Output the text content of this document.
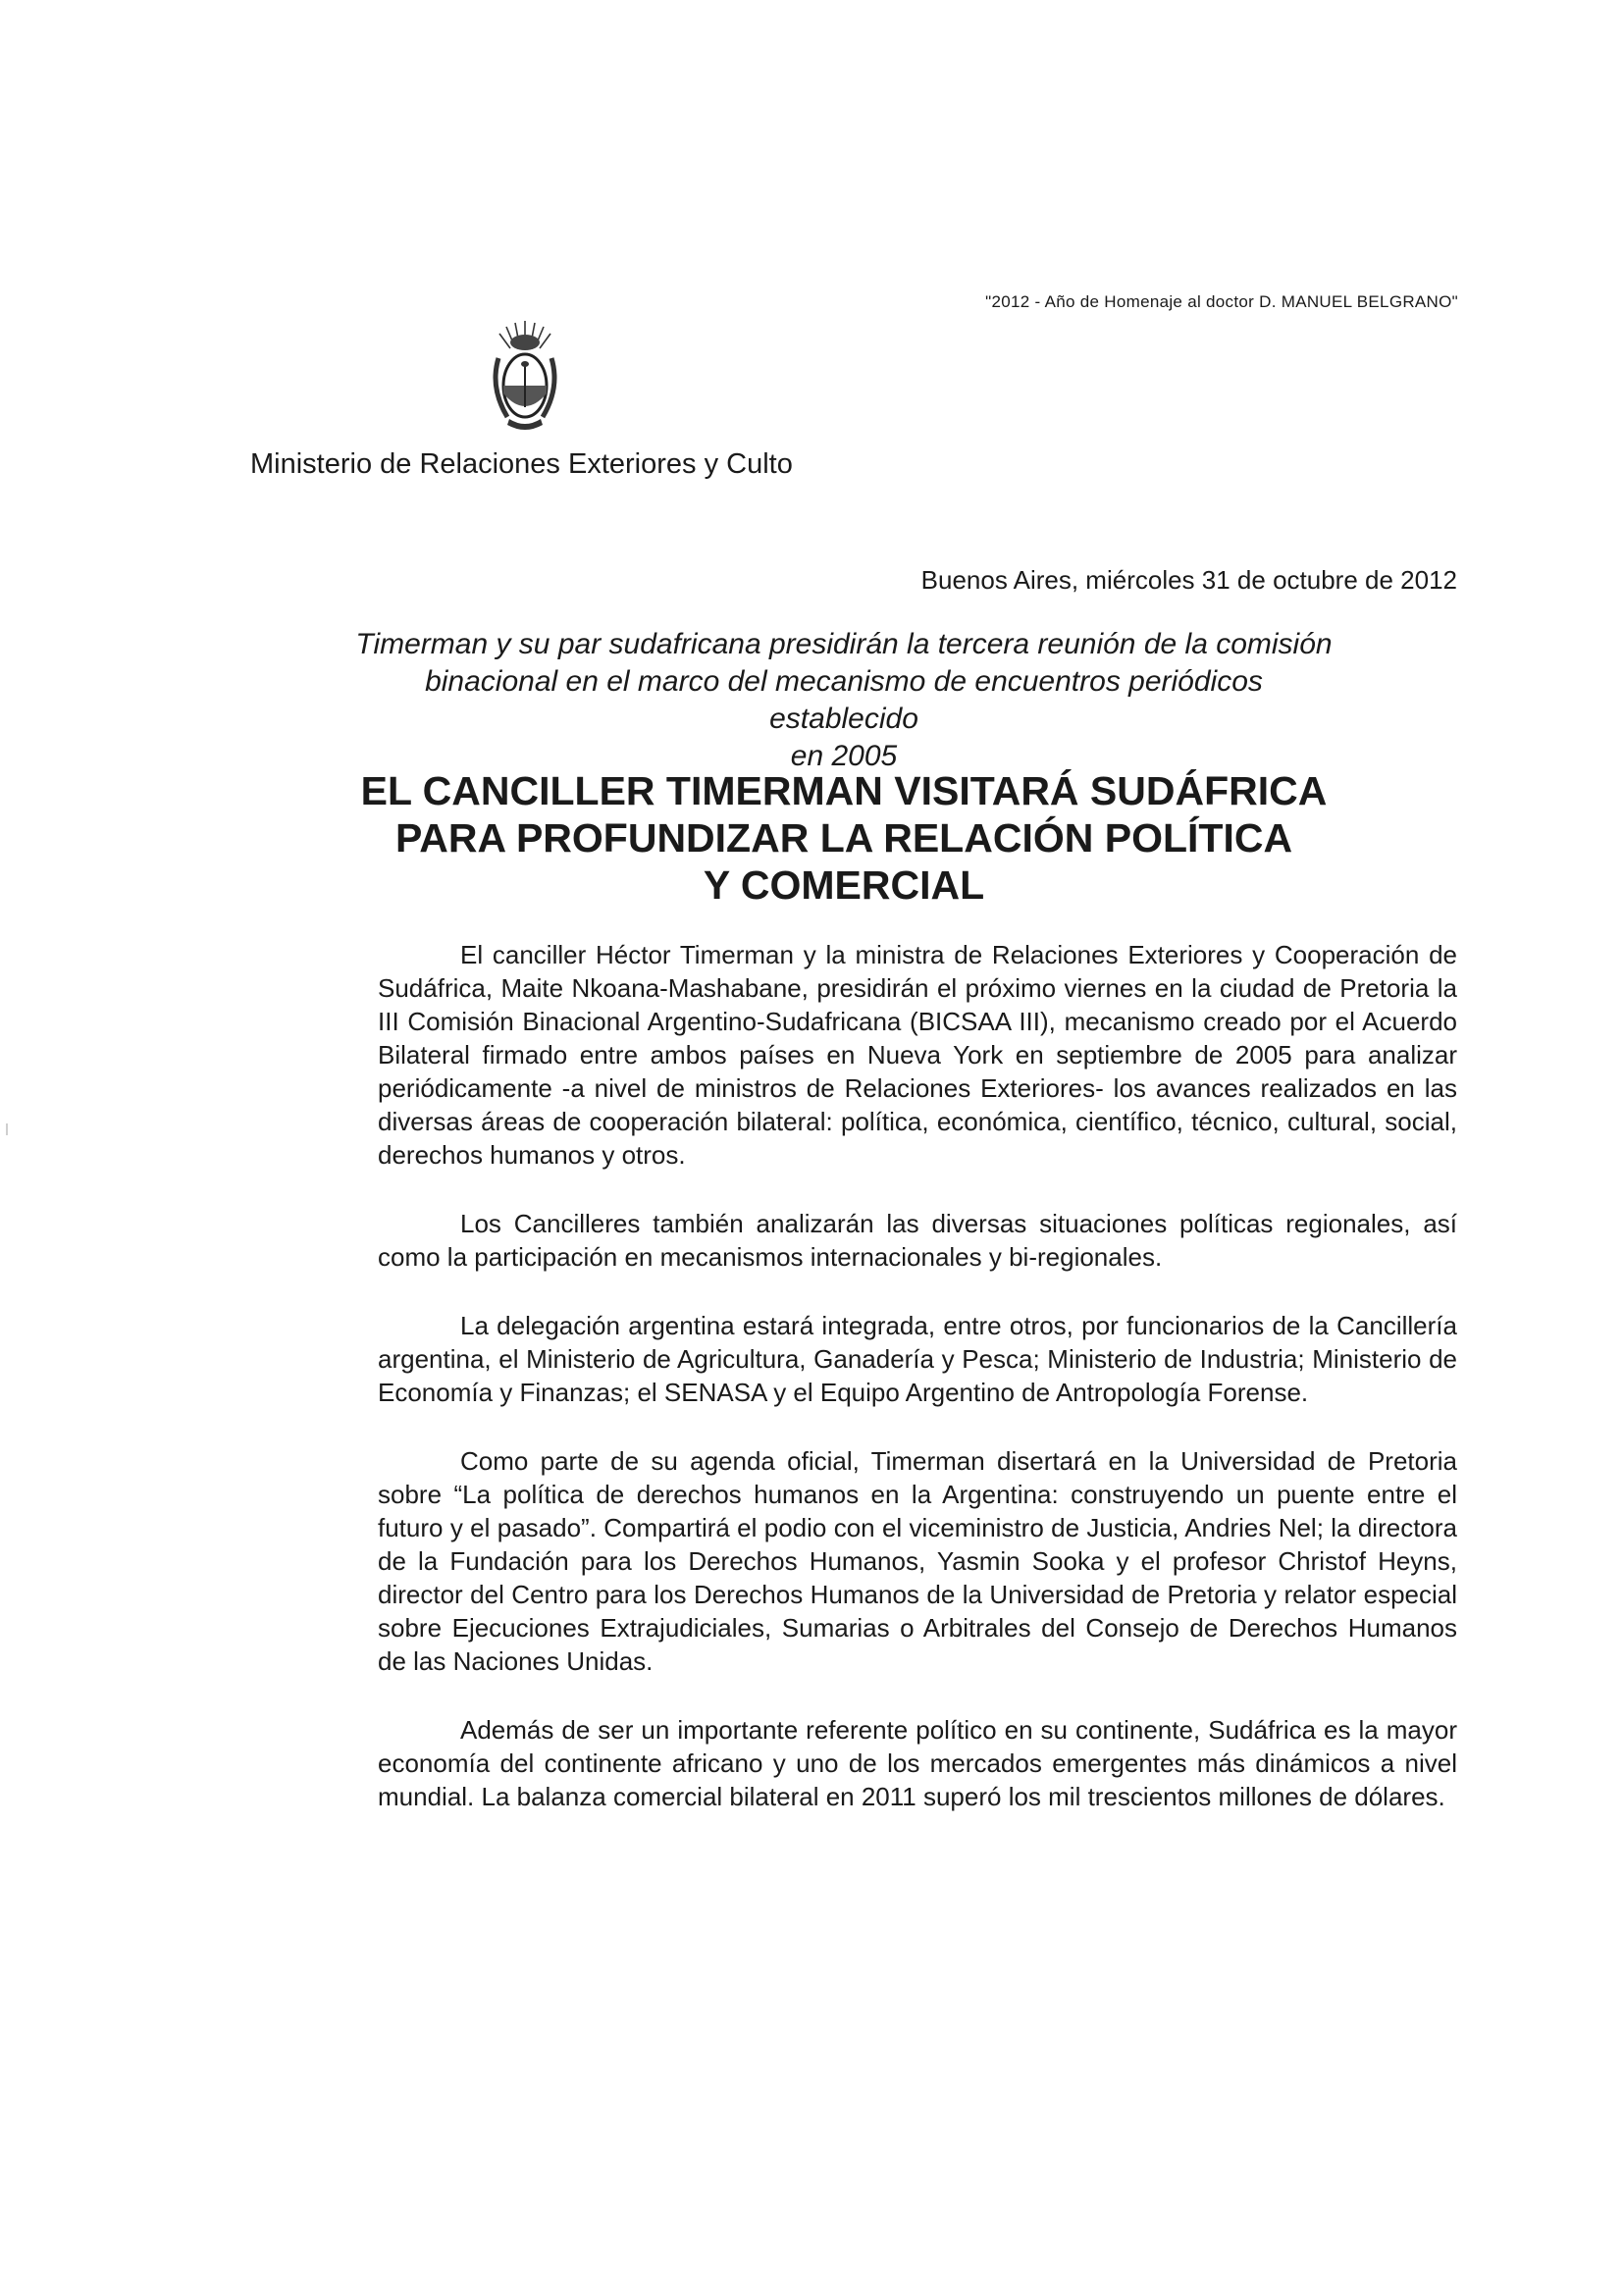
"2012 - Año de Homenaje al doctor D. MANUEL BELGRANO"
Ministerio de Relaciones Exteriores y Culto
Buenos Aires, miércoles 31 de octubre de 2012
Timerman y su par sudafricana presidirán la tercera reunión de la comisión
binacional en el marco del mecanismo de encuentros periódicos establecido
en 2005
EL CANCILLER TIMERMAN VISITARÁ SUDÁFRICA
PARA PROFUNDIZAR LA RELACIÓN POLÍTICA
Y COMERCIAL

El canciller Héctor Timerman y la ministra de Relaciones Exteriores y Cooperación de Sudáfrica, Maite Nkoana-Mashabane, presidirán el próximo viernes en la ciudad de Pretoria la III Comisión Binacional Argentino-Sudafricana (BICSAA III), mecanismo creado por el Acuerdo Bilateral firmado entre ambos países en Nueva York en septiembre de 2005 para analizar periódicamente -a nivel de ministros de Relaciones Exteriores- los avances realizados en las diversas áreas de cooperación bilateral: política, económica, científico, técnico, cultural, social, derechos humanos y otros.

Los Cancilleres también analizarán las diversas situaciones políticas regionales, así como la participación en mecanismos internacionales y bi-regionales.

La delegación argentina estará integrada, entre otros, por funcionarios de la Cancillería argentina, el Ministerio de Agricultura, Ganadería y Pesca; Ministerio de Industria; Ministerio de Economía y Finanzas; el SENASA y el Equipo Argentino de Antropología Forense.

Como parte de su agenda oficial, Timerman disertará en la Universidad de Pretoria sobre “La política de derechos humanos en la Argentina: construyendo un puente entre el futuro y el pasado”. Compartirá el podio con el viceministro de Justicia, Andries Nel; la directora de la Fundación para los Derechos Humanos, Yasmin Sooka y el profesor Christof Heyns, director del Centro para los Derechos Humanos de la Universidad de Pretoria y relator especial sobre Ejecuciones Extrajudiciales, Sumarias o Arbitrales del Consejo de Derechos Humanos de las Naciones Unidas.

Además de ser un importante referente político en su continente, Sudáfrica es la mayor economía del continente africano y uno de los mercados emergentes más dinámicos a nivel mundial. La balanza comercial bilateral en 2011 superó los mil trescientos millones de dólares.
